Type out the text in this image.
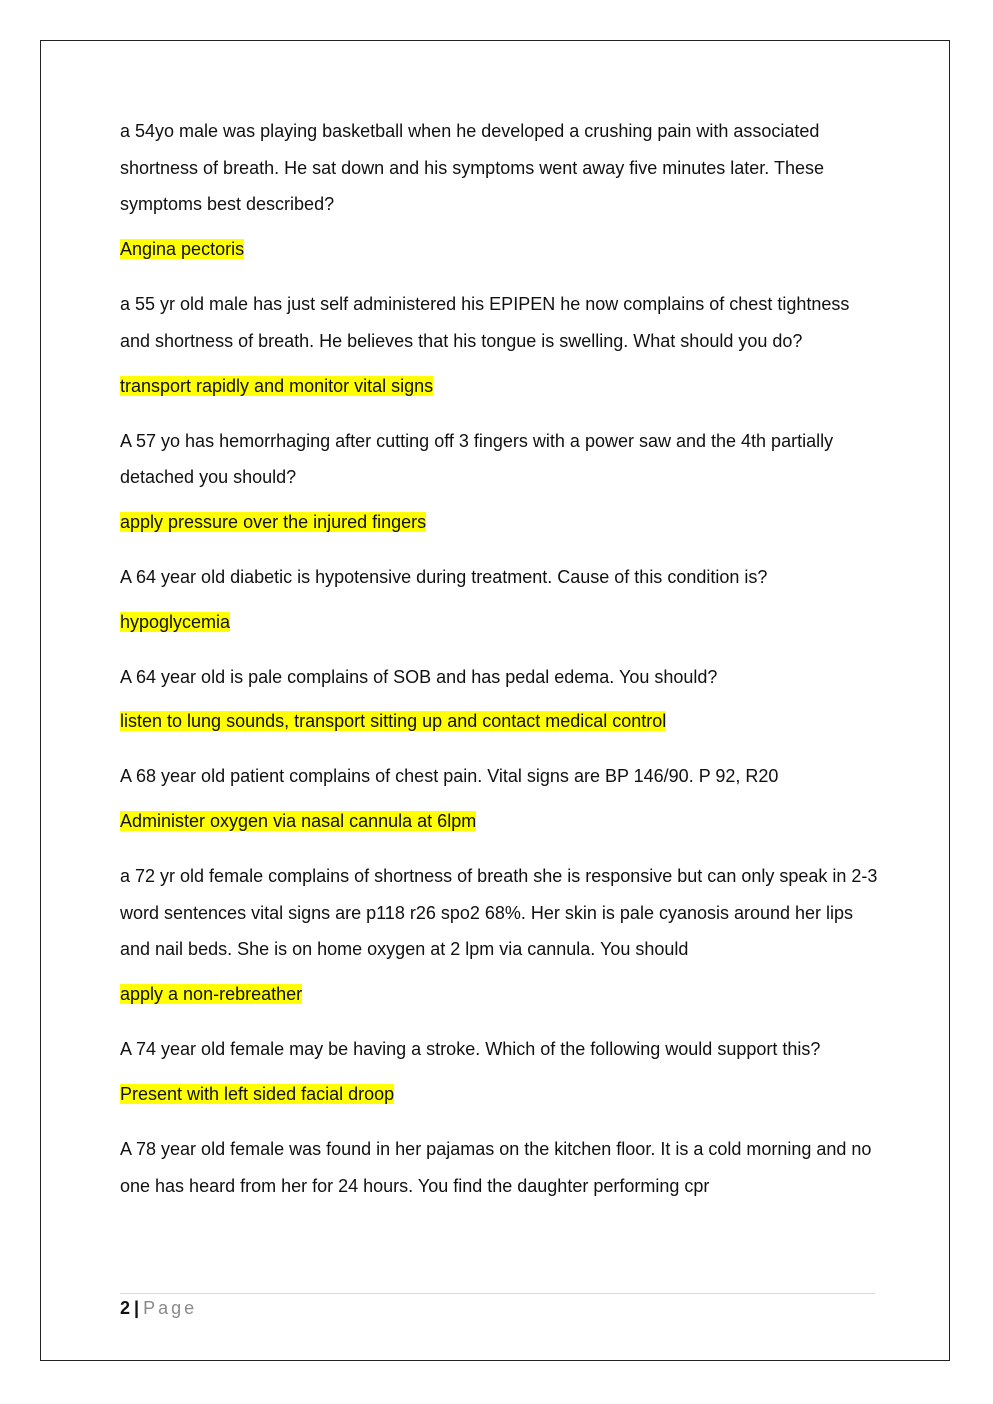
a 54yo male was playing basketball when he developed a crushing pain with associated shortness of breath. He sat down and his symptoms went away five minutes later. These symptoms best described?

Angina pectoris

a 55 yr old male has just self administered his EPIPEN he now complains of chest tightness and shortness of breath. He believes that his tongue is swelling. What should you do?

transport rapidly and monitor vital signs

A 57 yo has hemorrhaging after cutting off 3 fingers with a power saw and the 4th partially detached you should?

apply pressure over the injured fingers

A 64 year old diabetic is hypotensive during treatment. Cause of this condition is?

hypoglycemia

A 64 year old is pale complains of SOB and has pedal edema. You should?

listen to lung sounds, transport sitting up and contact medical control

A 68 year old patient complains of chest pain. Vital signs are BP 146/90. P 92, R20

Administer oxygen via nasal cannula at 6lpm

a 72 yr old female complains of shortness of breath she is responsive but can only speak in 2-3 word sentences vital signs are p118 r26 spo2 68%. Her skin is pale cyanosis around her lips and nail beds. She is on home oxygen at 2 lpm via cannula. You should

apply a non-rebreather

A 74 year old female may be having a stroke. Which of the following would support this?

Present with left sided facial droop

A 78 year old female was found in her pajamas on the kitchen floor. It is a cold morning and no one has heard from her for 24 hours. You find the daughter performing cpr

2 | Page
